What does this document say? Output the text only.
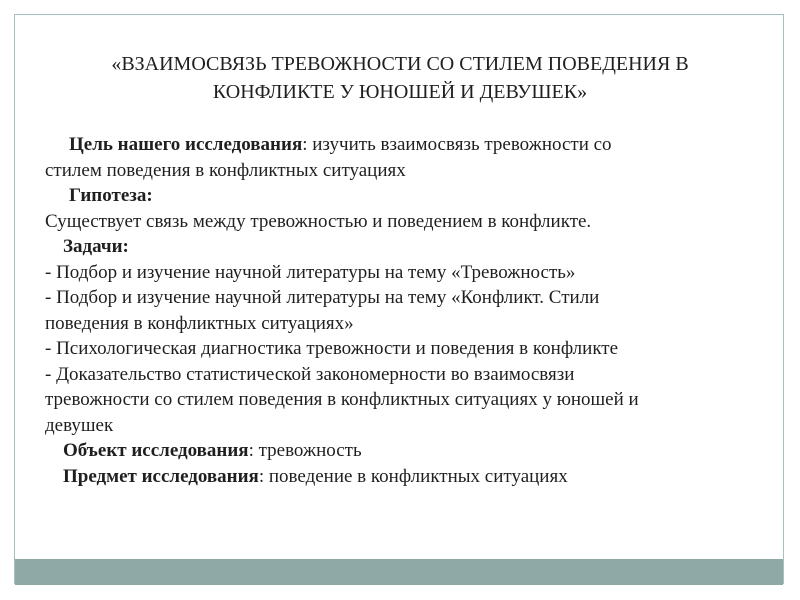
«ВЗАИМОСВЯЗЬ ТРЕВОЖНОСТИ СО СТИЛЕМ ПОВЕДЕНИЯ В
КОНФЛИКТЕ У ЮНОШЕЙ И ДЕВУШЕК»
Цель нашего исследования: изучить взаимосвязь тревожности со
стилем поведения в конфликтных ситуациях
Гипотеза:
Существует связь между тревожностью и поведением в конфликте.
Задачи:
- Подбор и изучение научной литературы на тему «Тревожность»
- Подбор и изучение научной литературы на тему «Конфликт. Стили
поведения в конфликтных ситуациях»
- Психологическая диагностика тревожности и поведения в конфликте
- Доказательство статистической закономерности во взаимосвязи
тревожности со стилем поведения в конфликтных ситуациях у юношей и
девушек
Объект исследования: тревожность
Предмет исследования: поведение в конфликтных ситуациях
